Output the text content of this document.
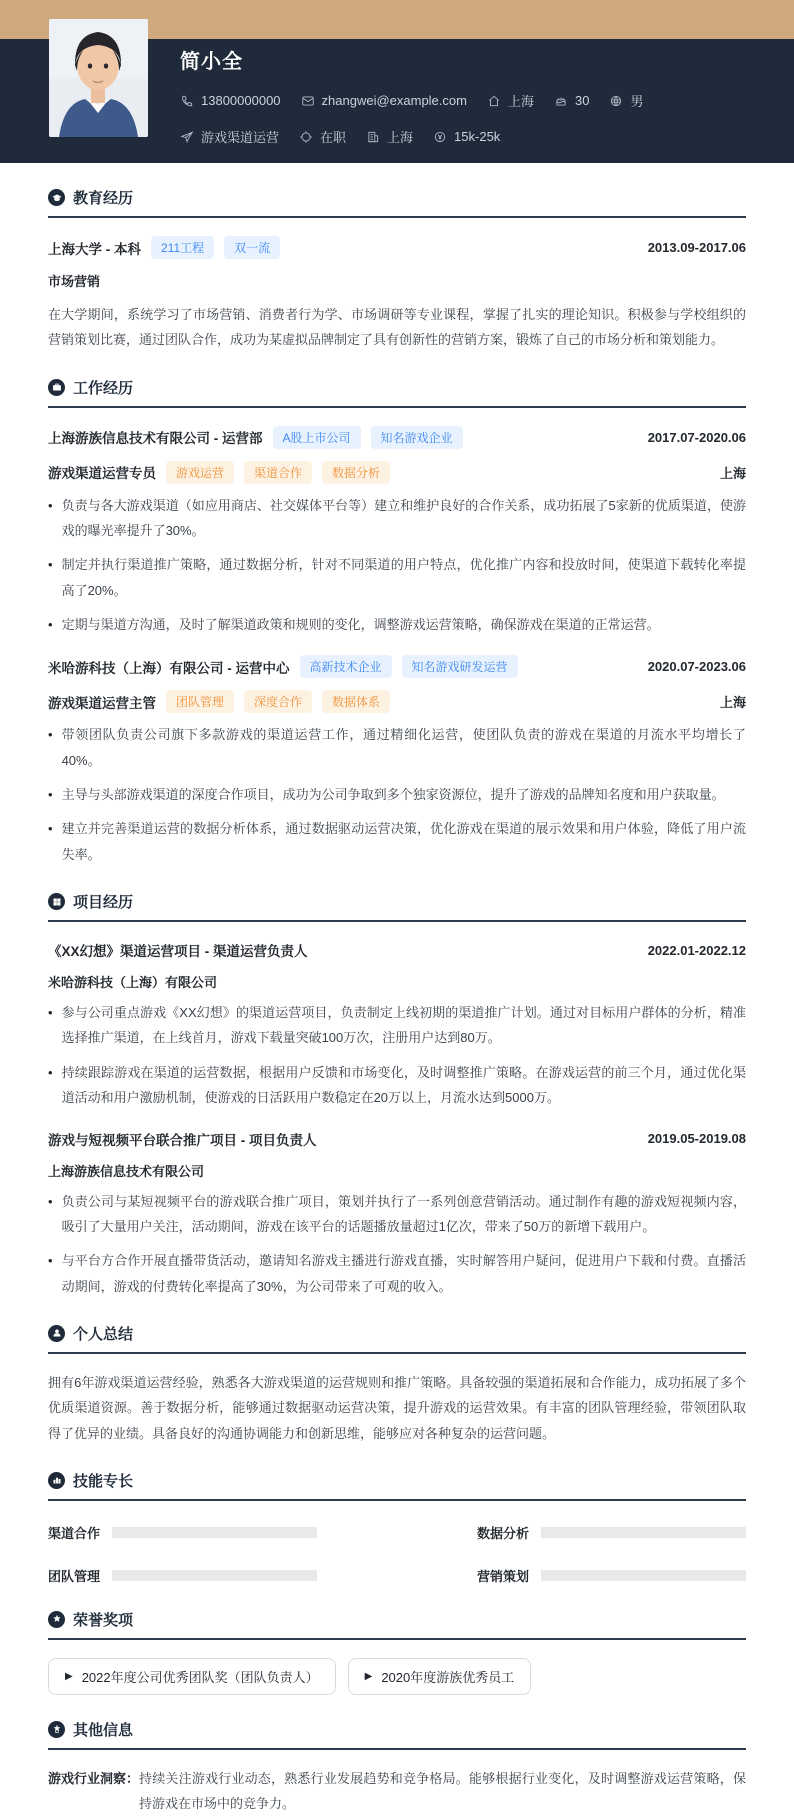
简小全
13800000000	zhangwei@example.com	上海	30	男
游戏渠道运营	在职	上海	15k-25k
教育经历
上海大学 - 本科	211工程	双一流	2013.09-2017.06
市场营销

在大学期间，系统学习了市场营销、消费者行为学、市场调研等专业课程，掌握了扎实的理论知识。积极参与学校组织的营销策划比赛，通过团队合作，成功为某虚拟品牌制定了具有创新性的营销方案，锻炼了自己的市场分析和策划能力。

工作经历
上海游族信息技术有限公司 - 运营部	A股上市公司	知名游戏企业	2017.07-2020.06
游戏渠道运营专员	游戏运营	渠道合作	数据分析	上海
• 负责与各大游戏渠道（如应用商店、社交媒体平台等）建立和维护良好的合作关系，成功拓展了5家新的优质渠道，使游戏的曝光率提升了30%。
• 制定并执行渠道推广策略，通过数据分析，针对不同渠道的用户特点，优化推广内容和投放时间，使渠道下载转化率提高了20%。
• 定期与渠道方沟通，及时了解渠道政策和规则的变化，调整游戏运营策略，确保游戏在渠道的正常运营。
米哈游科技（上海）有限公司 - 运营中心	高新技术企业	知名游戏研发运营	2020.07-2023.06
游戏渠道运营主管	团队管理	深度合作	数据体系	上海
• 带领团队负责公司旗下多款游戏的渠道运营工作，通过精细化运营，使团队负责的游戏在渠道的月流水平均增长了40%。
• 主导与头部游戏渠道的深度合作项目，成功为公司争取到多个独家资源位，提升了游戏的品牌知名度和用户获取量。
• 建立并完善渠道运营的数据分析体系，通过数据驱动运营决策，优化游戏在渠道的展示效果和用户体验，降低了用户流失率。
项目经历
《XX幻想》渠道运营项目 - 渠道运营负责人	2022.01-2022.12
米哈游科技（上海）有限公司
• 参与公司重点游戏《XX幻想》的渠道运营项目，负责制定上线初期的渠道推广计划。通过对目标用户群体的分析，精准选择推广渠道，在上线首月，游戏下载量突破100万次，注册用户达到80万。
• 持续跟踪游戏在渠道的运营数据，根据用户反馈和市场变化，及时调整推广策略。在游戏运营的前三个月，通过优化渠道活动和用户激励机制，使游戏的日活跃用户数稳定在20万以上，月流水达到5000万。
游戏与短视频平台联合推广项目 - 项目负责人	2019.05-2019.08
上海游族信息技术有限公司
• 负责公司与某短视频平台的游戏联合推广项目，策划并执行了一系列创意营销活动。通过制作有趣的游戏短视频内容，吸引了大量用户关注，活动期间，游戏在该平台的话题播放量超过1亿次，带来了50万的新增下载用户。
• 与平台方合作开展直播带货活动，邀请知名游戏主播进行游戏直播，实时解答用户疑问，促进用户下载和付费。直播活动期间，游戏的付费转化率提高了30%，为公司带来了可观的收入。
个人总结

拥有6年游戏渠道运营经验，熟悉各大游戏渠道的运营规则和推广策略。具备较强的渠道拓展和合作能力，成功拓展了多个优质渠道资源。善于数据分析，能够通过数据驱动运营决策，提升游戏的运营效果。有丰富的团队管理经验，带领团队取得了优异的业绩。具备良好的沟通协调能力和创新思维，能够应对各种复杂的运营问题。

技能专长
渠道合作	数据分析
团队管理	营销策划
荣誉奖项
▶ 2022年度公司优秀团队奖（团队负责人）	▶ 2020年度游族优秀员工
其他信息
游戏行业洞察： 持续关注游戏行业动态，熟悉行业发展趋势和竞争格局。能够根据行业变化，及时调整游戏运营策略，保持游戏在市场中的竞争力。
